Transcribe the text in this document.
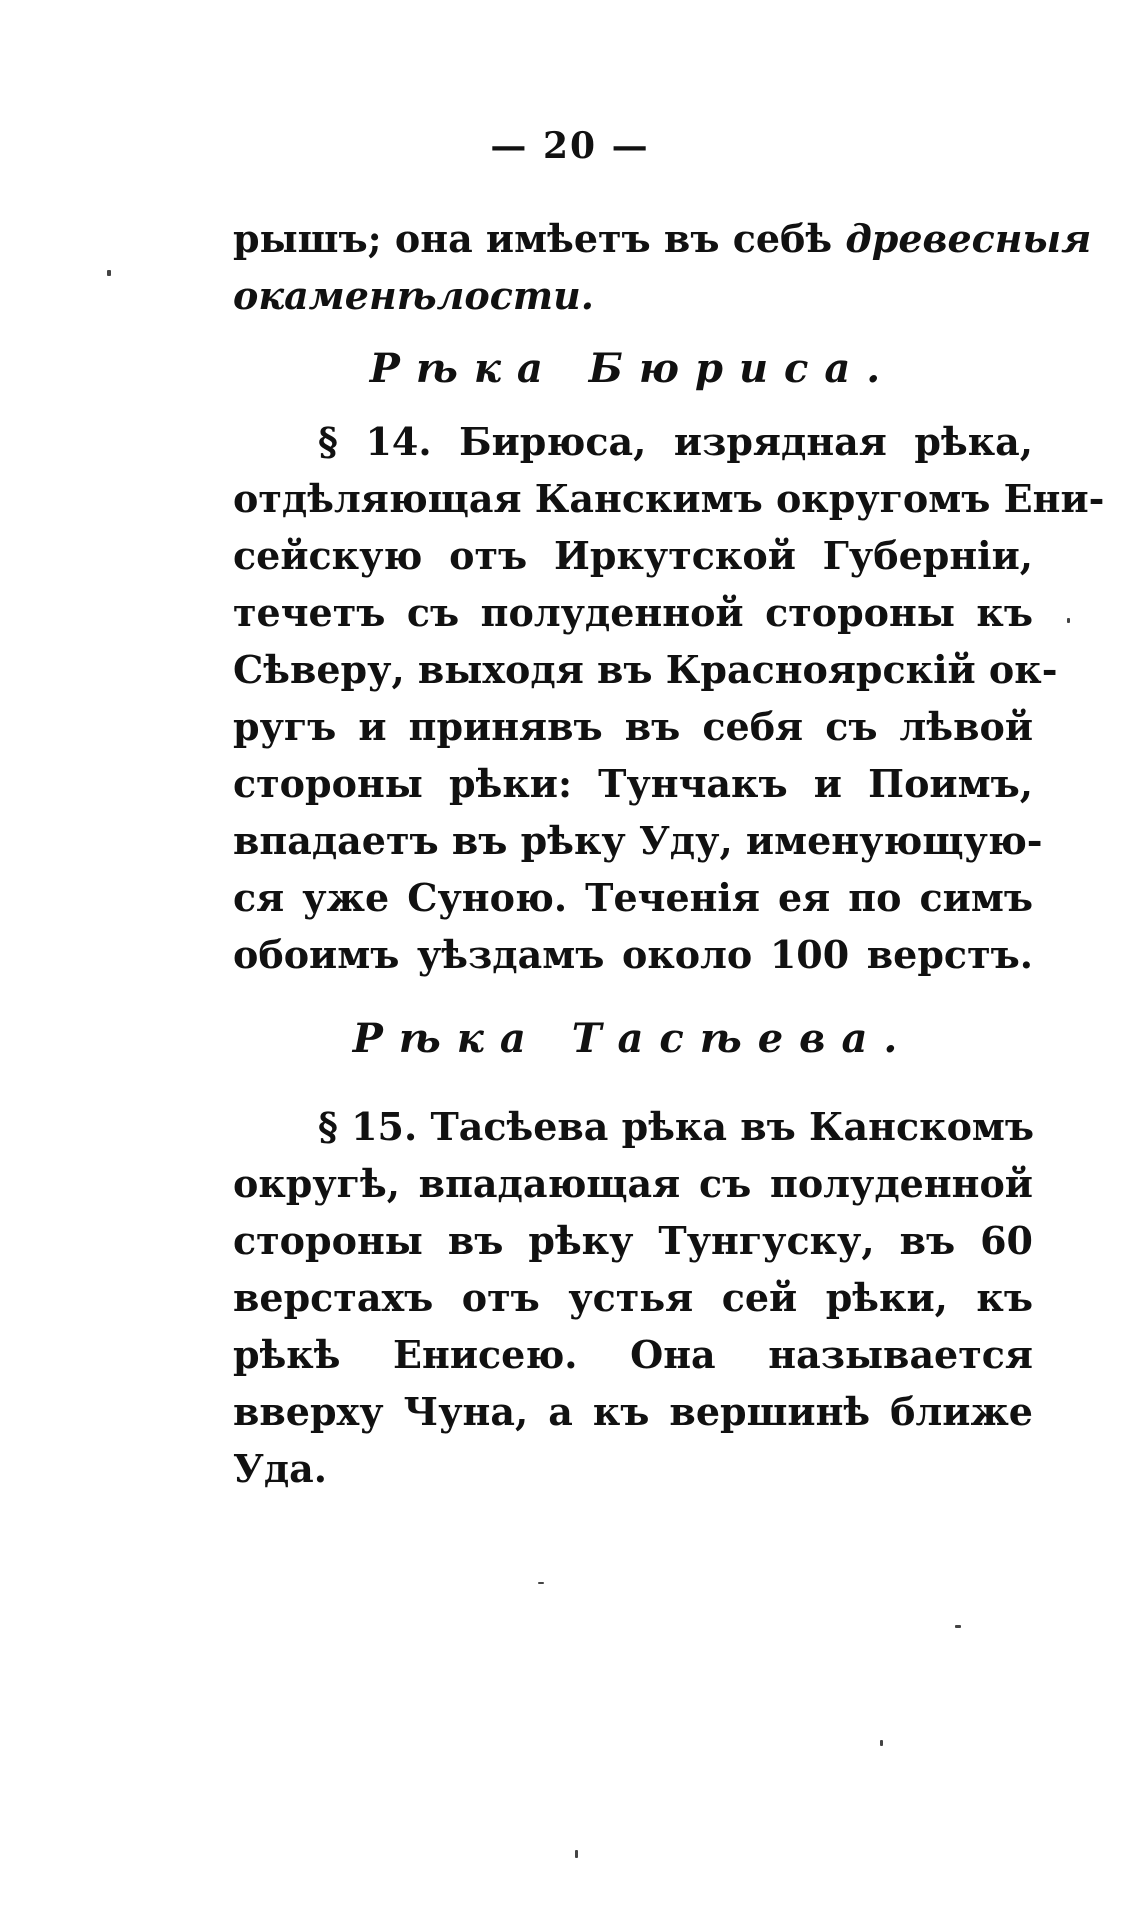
— 20 —
рышъ; она имѣетъ въ себѣ древесныя
окаменѣлости.
Рѣка Бюриса.
§ 14. Бирюса, изрядная рѣка,
отдѣляющая Канскимъ округомъ Ени-
сейскую отъ Иркутской Губерніи,
течетъ съ полуденной стороны къ
Сѣверу, выходя въ Красноярскій ок-
ругъ и принявъ въ себя съ лѣвой
стороны рѣки: Тунчакъ и Поимъ,
впадаетъ въ рѣку Уду, именующую-
ся уже Суною. Теченія ея по симъ
обоимъ уѣздамъ около 100 верстъ.
Рѣка Тасѣева.
§ 15. Тасѣева рѣка въ Канскомъ
округѣ, впадающая съ полуденной
стороны въ рѣку Тунгуску, въ 60
верстахъ отъ устья сей рѣки, къ
рѣкѣ Енисею. Она называется
вверху Чуна, а къ вершинѣ ближе
Уда.
